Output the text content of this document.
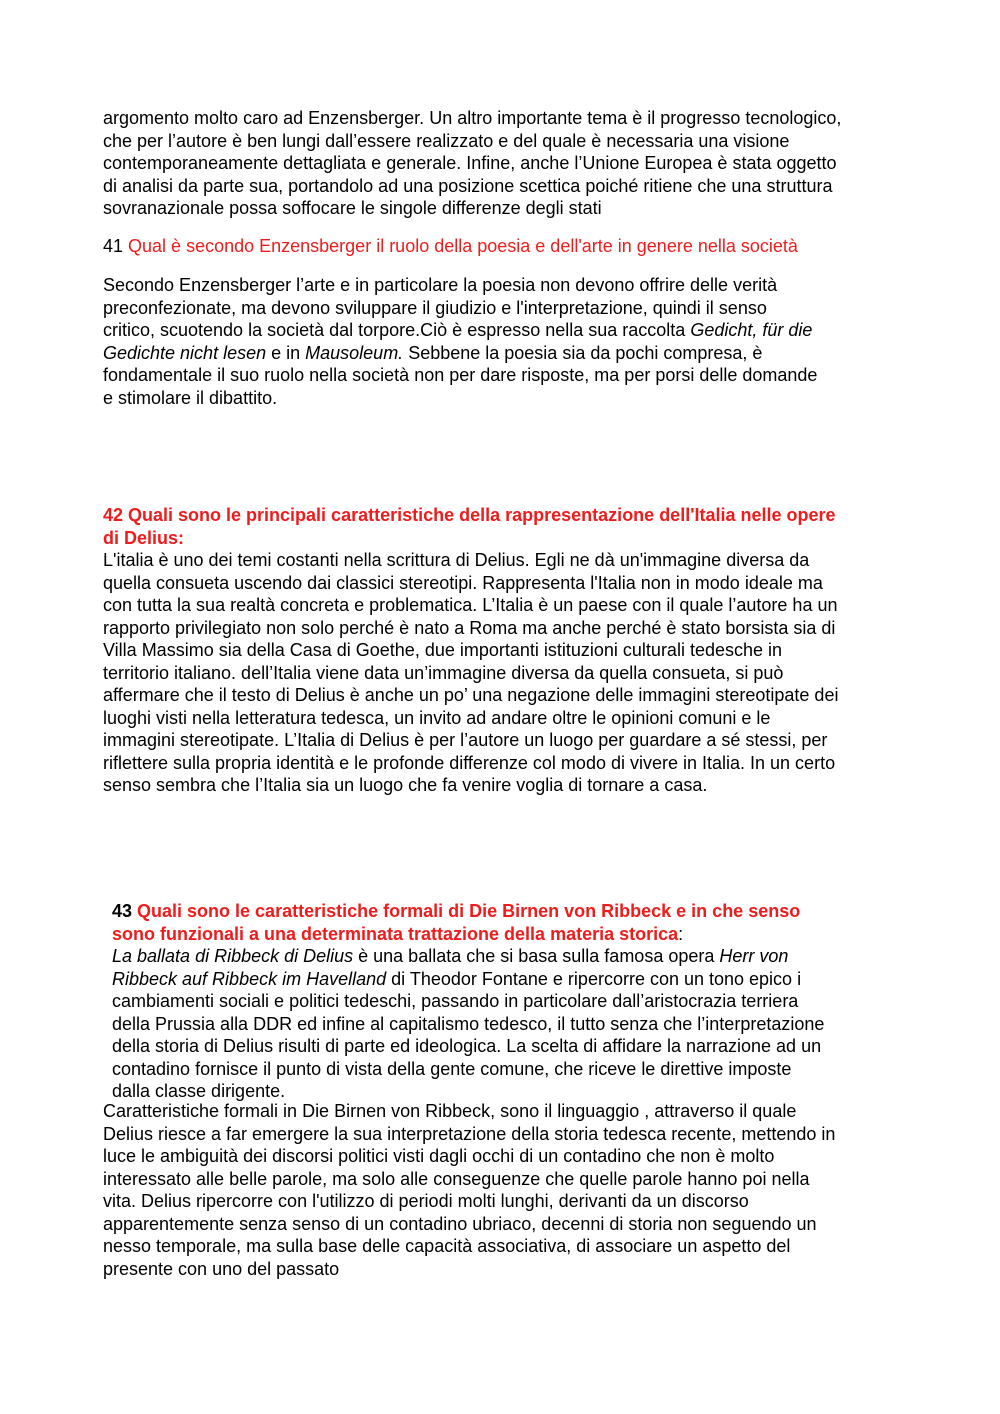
argomento molto caro ad Enzensberger. Un altro importante tema è il progresso tecnologico,
che per l’autore è ben lungi dall’essere realizzato e del quale è necessaria una visione
contemporaneamente dettagliata e generale. Infine, anche l’Unione Europea è stata oggetto
di analisi da parte sua, portandolo ad una posizione scettica poiché ritiene che una struttura
sovranazionale possa soffocare le singole differenze degli stati
41 Qual è secondo Enzensberger il ruolo della poesia e dell'arte in genere nella società
Secondo Enzensberger l’arte e in particolare la poesia non devono offrire delle verità
preconfezionate, ma devono sviluppare il giudizio e l'interpretazione, quindi il senso
critico, scuotendo la società dal torpore.Ciò è espresso nella sua raccolta Gedicht, für die
Gedichte nicht lesen e in Mausoleum. Sebbene la poesia sia da pochi compresa, è
fondamentale il suo ruolo nella società non per dare risposte, ma per porsi delle domande
e stimolare il dibattito.
42 Quali sono le principali caratteristiche della rappresentazione dell'Italia nelle opere
di Delius:
L'italia è uno dei temi costanti nella scrittura di Delius. Egli ne dà un'immagine diversa da
quella consueta uscendo dai classici stereotipi. Rappresenta l'Italia non in modo ideale ma
con tutta la sua realtà concreta e problematica. L’Italia è un paese con il quale l’autore ha un
rapporto privilegiato non solo perché è nato a Roma ma anche perché è stato borsista sia di
Villa Massimo sia della Casa di Goethe, due importanti istituzioni culturali tedesche in
territorio italiano. dell’Italia viene data un’immagine diversa da quella consueta, si può
affermare che il testo di Delius è anche un po’ una negazione delle immagini stereotipate dei
luoghi visti nella letteratura tedesca, un invito ad andare oltre le opinioni comuni e le
immagini stereotipate. L’Italia di Delius è per l’autore un luogo per guardare a sé stessi, per
riflettere sulla propria identità e le profonde differenze col modo di vivere in Italia. In un certo
senso sembra che l’Italia sia un luogo che fa venire voglia di tornare a casa.
43 Quali sono le caratteristiche formali di Die Birnen von Ribbeck e in che senso
sono funzionali a una determinata trattazione della materia storica:
La ballata di Ribbeck di Delius è una ballata che si basa sulla famosa opera Herr von
Ribbeck auf Ribbeck im Havelland di Theodor Fontane e ripercorre con un tono epico i
cambiamenti sociali e politici tedeschi, passando in particolare dall’aristocrazia terriera
della Prussia alla DDR ed infine al capitalismo tedesco, il tutto senza che l’interpretazione
della storia di Delius risulti di parte ed ideologica. La scelta di affidare la narrazione ad un
contadino fornisce il punto di vista della gente comune, che riceve le direttive imposte
dalla classe dirigente.
Caratteristiche formali in Die Birnen von Ribbeck, sono il linguaggio , attraverso il quale
Delius riesce a far emergere la sua interpretazione della storia tedesca recente, mettendo in
luce le ambiguità dei discorsi politici visti dagli occhi di un contadino che non è molto
interessato alle belle parole, ma solo alle conseguenze che quelle parole hanno poi nella
vita. Delius ripercorre con l'utilizzo di periodi molti lunghi, derivanti da un discorso
apparentemente senza senso di un contadino ubriaco, decenni di storia non seguendo un
nesso temporale, ma sulla base delle capacità associativa, di associare un aspetto del
presente con uno del passato
